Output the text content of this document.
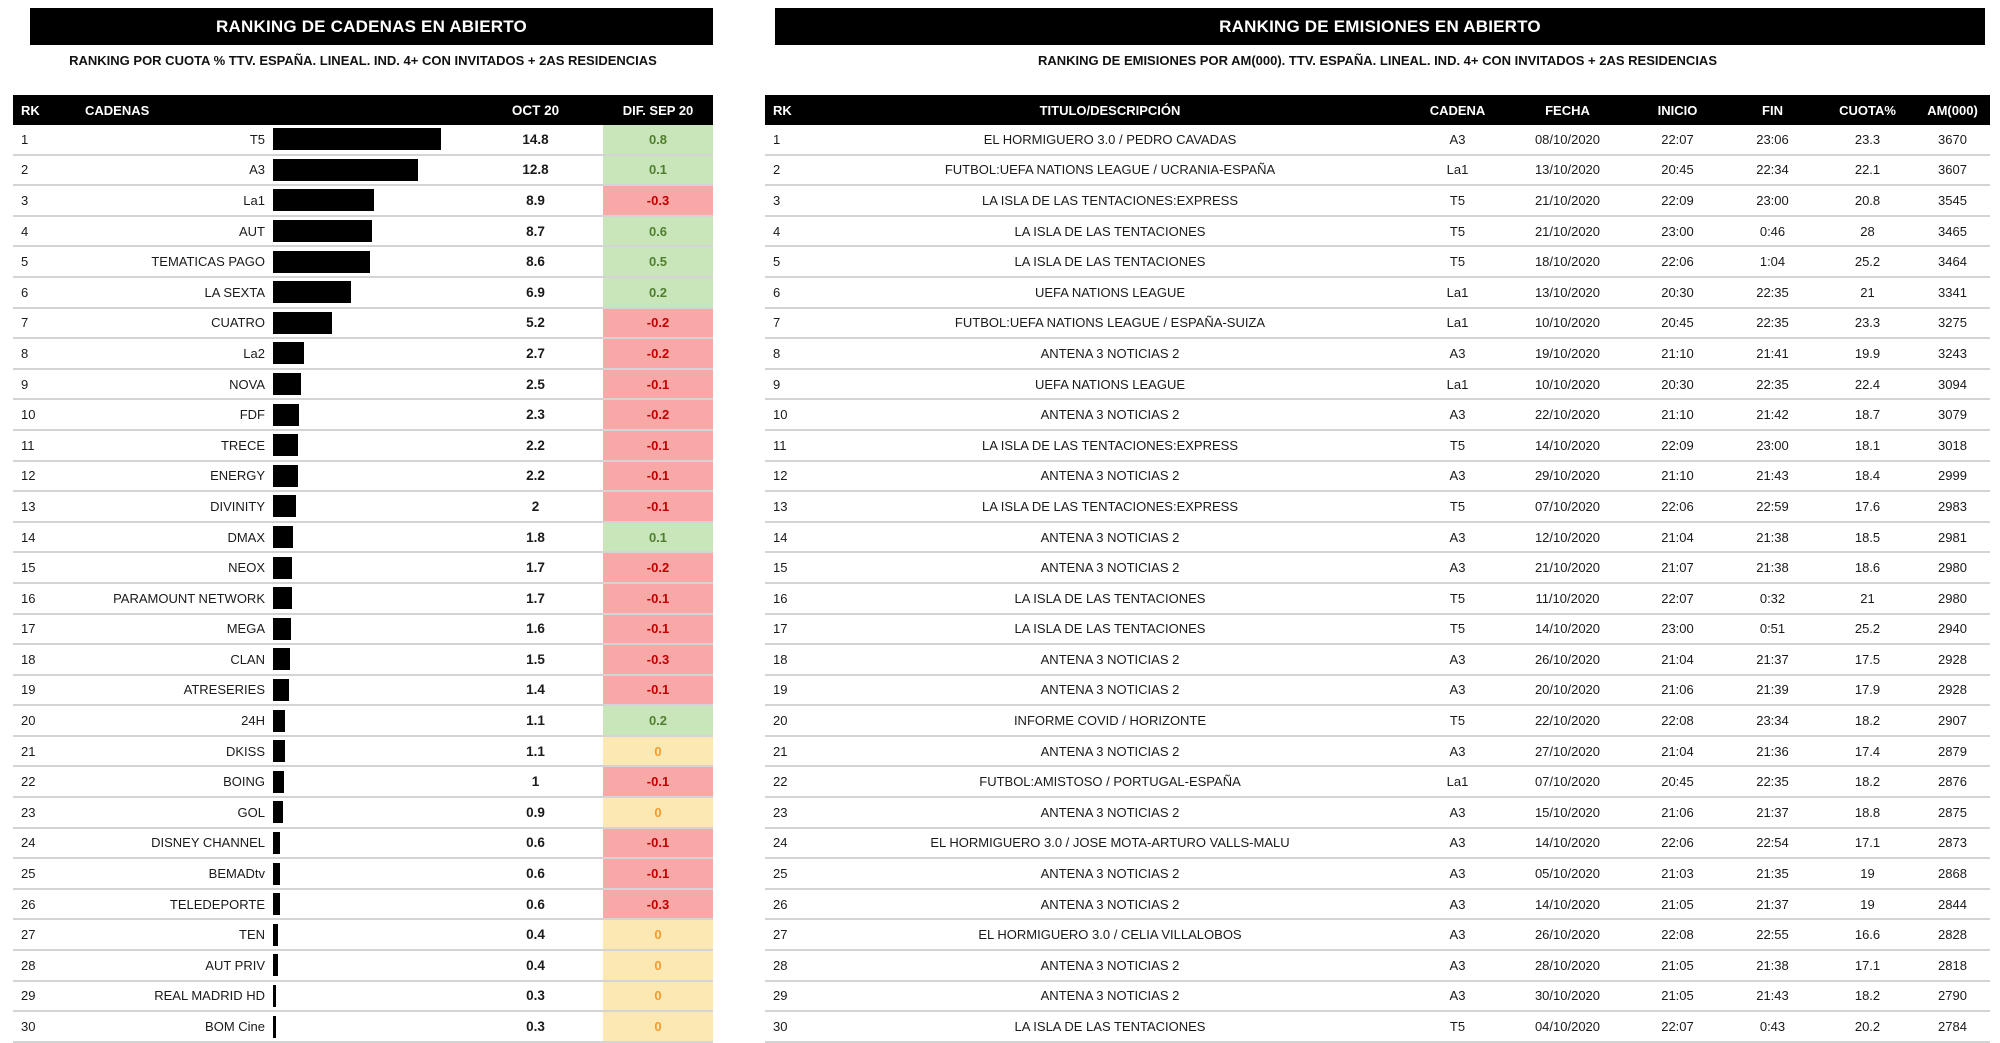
RANKING DE CADENAS EN ABIERTO
RANKING POR CUOTA % TTV. ESPAÑA. LINEAL. IND. 4+ CON INVITADOS + 2AS RESIDENCIAS
RK	CADENAS	OCT 20	DIF. SEP 20
1	T5	14.8	0.8
2	A3	12.8	0.1
3	La1	8.9	-0.3
4	AUT	8.7	0.6
5	TEMATICAS PAGO	8.6	0.5
6	LA SEXTA	6.9	0.2
7	CUATRO	5.2	-0.2
8	La2	2.7	-0.2
9	NOVA	2.5	-0.1
10	FDF	2.3	-0.2
11	TRECE	2.2	-0.1
12	ENERGY	2.2	-0.1
13	DIVINITY	2	-0.1
14	DMAX	1.8	0.1
15	NEOX	1.7	-0.2
16	PARAMOUNT NETWORK	1.7	-0.1
17	MEGA	1.6	-0.1
18	CLAN	1.5	-0.3
19	ATRESERIES	1.4	-0.1
20	24H	1.1	0.2
21	DKISS	1.1	0
22	BOING	1	-0.1
23	GOL	0.9	0
24	DISNEY CHANNEL	0.6	-0.1
25	BEMADtv	0.6	-0.1
26	TELEDEPORTE	0.6	-0.3
27	TEN	0.4	0
28	AUT PRIV	0.4	0
29	REAL MADRID HD	0.3	0
30	BOM Cine	0.3	0
RANKING DE EMISIONES EN ABIERTO
RANKING DE EMISIONES POR AM(000). TTV. ESPAÑA. LINEAL. IND. 4+ CON INVITADOS + 2AS RESIDENCIAS
RK	TITULO/DESCRIPCIÓN	CADENA	FECHA	INICIO	FIN	CUOTA%	AM(000)
1	EL HORMIGUERO 3.0 / PEDRO CAVADAS	A3	08/10/2020	22:07	23:06	23.3	3670
2	FUTBOL:UEFA NATIONS LEAGUE / UCRANIA-ESPAÑA	La1	13/10/2020	20:45	22:34	22.1	3607
3	LA ISLA DE LAS TENTACIONES:EXPRESS	T5	21/10/2020	22:09	23:00	20.8	3545
4	LA ISLA DE LAS TENTACIONES	T5	21/10/2020	23:00	0:46	28	3465
5	LA ISLA DE LAS TENTACIONES	T5	18/10/2020	22:06	1:04	25.2	3464
6	UEFA NATIONS LEAGUE	La1	13/10/2020	20:30	22:35	21	3341
7	FUTBOL:UEFA NATIONS LEAGUE / ESPAÑA-SUIZA	La1	10/10/2020	20:45	22:35	23.3	3275
8	ANTENA 3 NOTICIAS 2	A3	19/10/2020	21:10	21:41	19.9	3243
9	UEFA NATIONS LEAGUE	La1	10/10/2020	20:30	22:35	22.4	3094
10	ANTENA 3 NOTICIAS 2	A3	22/10/2020	21:10	21:42	18.7	3079
11	LA ISLA DE LAS TENTACIONES:EXPRESS	T5	14/10/2020	22:09	23:00	18.1	3018
12	ANTENA 3 NOTICIAS 2	A3	29/10/2020	21:10	21:43	18.4	2999
13	LA ISLA DE LAS TENTACIONES:EXPRESS	T5	07/10/2020	22:06	22:59	17.6	2983
14	ANTENA 3 NOTICIAS 2	A3	12/10/2020	21:04	21:38	18.5	2981
15	ANTENA 3 NOTICIAS 2	A3	21/10/2020	21:07	21:38	18.6	2980
16	LA ISLA DE LAS TENTACIONES	T5	11/10/2020	22:07	0:32	21	2980
17	LA ISLA DE LAS TENTACIONES	T5	14/10/2020	23:00	0:51	25.2	2940
18	ANTENA 3 NOTICIAS 2	A3	26/10/2020	21:04	21:37	17.5	2928
19	ANTENA 3 NOTICIAS 2	A3	20/10/2020	21:06	21:39	17.9	2928
20	INFORME COVID / HORIZONTE	T5	22/10/2020	22:08	23:34	18.2	2907
21	ANTENA 3 NOTICIAS 2	A3	27/10/2020	21:04	21:36	17.4	2879
22	FUTBOL:AMISTOSO / PORTUGAL-ESPAÑA	La1	07/10/2020	20:45	22:35	18.2	2876
23	ANTENA 3 NOTICIAS 2	A3	15/10/2020	21:06	21:37	18.8	2875
24	EL HORMIGUERO 3.0 / JOSE MOTA-ARTURO VALLS-MALU	A3	14/10/2020	22:06	22:54	17.1	2873
25	ANTENA 3 NOTICIAS 2	A3	05/10/2020	21:03	21:35	19	2868
26	ANTENA 3 NOTICIAS 2	A3	14/10/2020	21:05	21:37	19	2844
27	EL HORMIGUERO 3.0 / CELIA VILLALOBOS	A3	26/10/2020	22:08	22:55	16.6	2828
28	ANTENA 3 NOTICIAS 2	A3	28/10/2020	21:05	21:38	17.1	2818
29	ANTENA 3 NOTICIAS 2	A3	30/10/2020	21:05	21:43	18.2	2790
30	LA ISLA DE LAS TENTACIONES	T5	04/10/2020	22:07	0:43	20.2	2784
